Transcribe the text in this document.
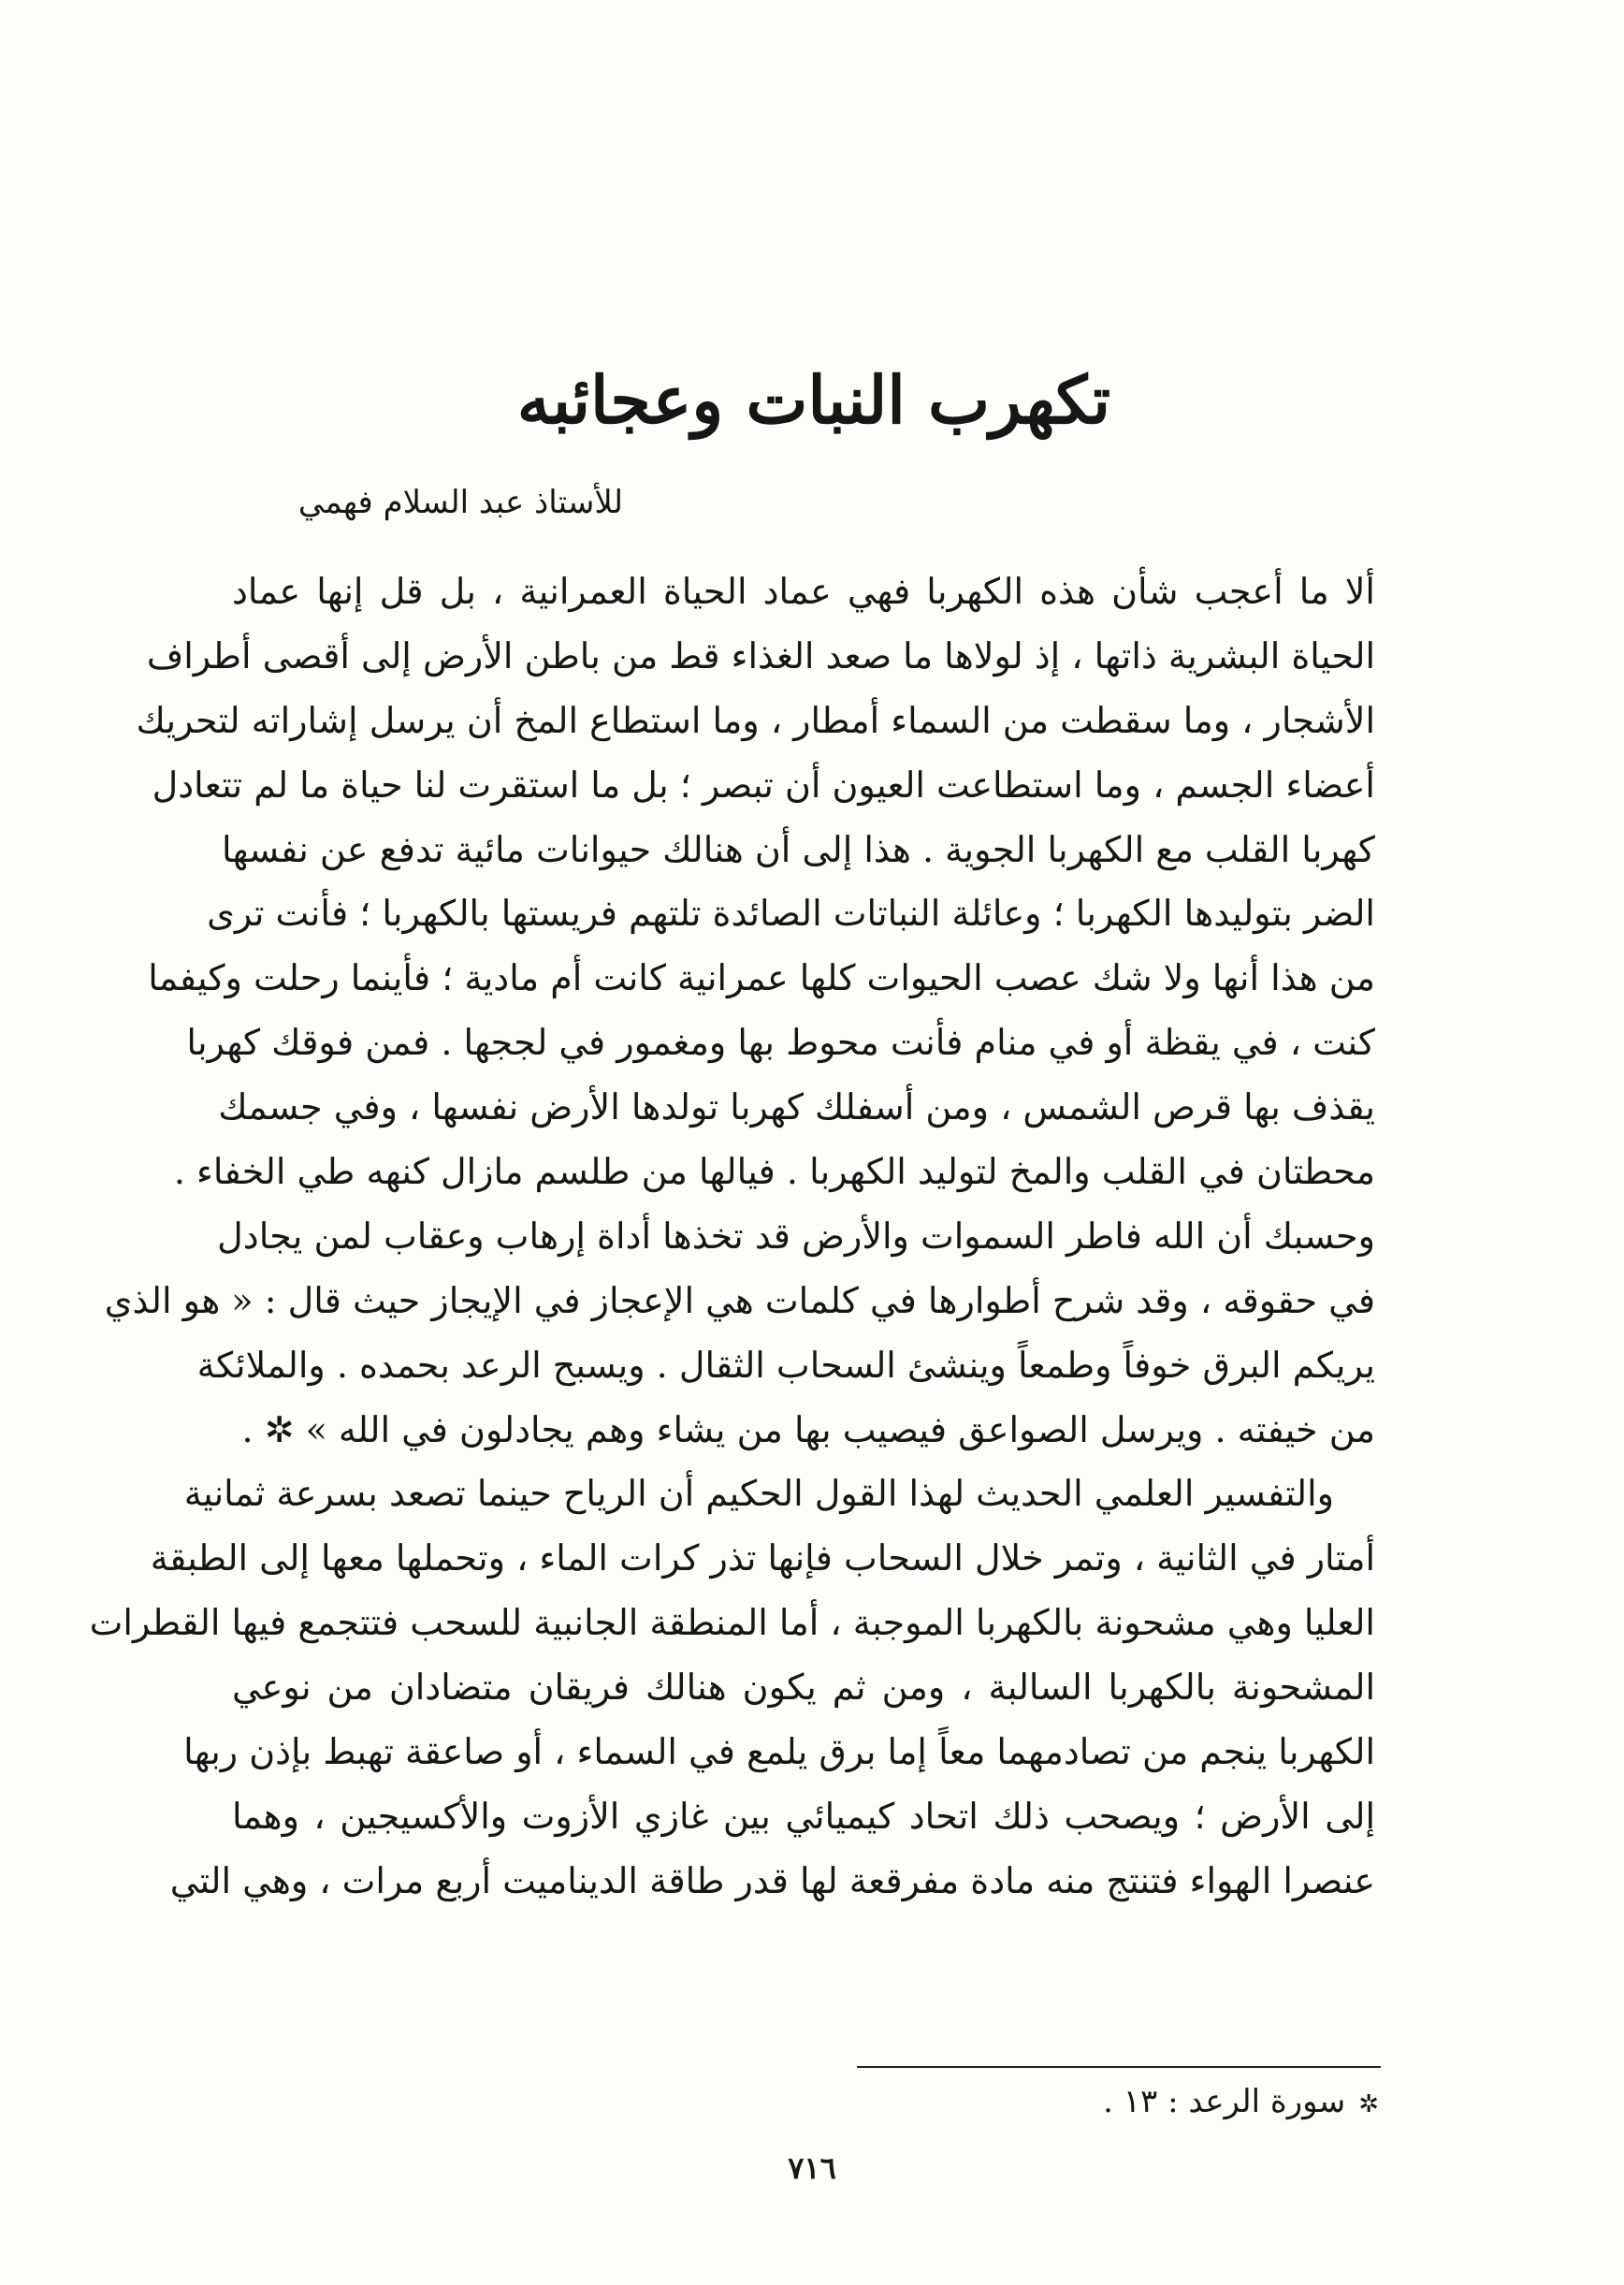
تكهرب النبات وعجائبه

للأستاذ عبد السلام فهمي

ألا ما أعجب شأن هذه الكهربا فهي عماد الحياة العمرانية ، بل قل إنها عماد
الحياة البشرية ذاتها ، إذ لولاها ما صعد الغذاء قط من باطن الأرض إلى أقصى أطراف
الأشجار ، وما سقطت من السماء أمطار ، وما استطاع المخ أن يرسل إشاراته لتحريك
أعضاء الجسم ، وما استطاعت العيون أن تبصر ؛ بل ما استقرت لنا حياة ما لم تتعادل
كهربا القلب مع الكهربا الجوية . هذا إلى أن هنالك حيوانات مائية تدفع عن نفسها
الضر بتوليدها الكهربا ؛ وعائلة النباتات الصائدة تلتهم فريستها بالكهربا ؛ فأنت ترى
من هذا أنها ولا شك عصب الحيوات كلها عمرانية كانت أم مادية ؛ فأينما رحلت وكيفما
كنت ، في يقظة أو في منام فأنت محوط بها ومغمور في لججها . فمن فوقك كهربا
يقذف بها قرص الشمس ، ومن أسفلك كهربا تولدها الأرض نفسها ، وفي جسمك
محطتان في القلب والمخ لتوليد الكهربا . فيالها من طلسم مازال كنهه طي الخفاء .
وحسبك أن الله فاطر السموات والأرض قد تخذها أداة إرهاب وعقاب لمن يجادل
في حقوقه ، وقد شرح أطوارها في كلمات هي الإعجاز في الإيجاز حيث قال : « هو الذي
يريكم البرق خوفاً وطمعاً وينشئ السحاب الثقال . ويسبح الرعد بحمده . والملائكة
من خيفته . ويرسل الصواعق فيصيب بها من يشاء وهم يجادلون في الله » ✲ .
والتفسير العلمي الحديث لهذا القول الحكيم أن الرياح حينما تصعد بسرعة ثمانية
أمتار في الثانية ، وتمر خلال السحاب فإنها تذر كرات الماء ، وتحملها معها إلى الطبقة
العليا وهي مشحونة بالكهربا الموجبة ، أما المنطقة الجانبية للسحب فتتجمع فيها القطرات
المشحونة بالكهربا السالبة ، ومن ثم يكون هنالك فريقان متضادان من نوعي
الكهربا ينجم من تصادمهما معاً إما برق يلمع في السماء ، أو صاعقة تهبط بإذن ربها
إلى الأرض ؛ ويصحب ذلك اتحاد كيميائي بين غازي الأزوت والأكسيجين ، وهما
عنصرا الهواء فتنتج منه مادة مفرقعة لها قدر طاقة الديناميت أربع مرات ، وهي التي

✲سورة الرعد : ١٣ .

٧١٦
